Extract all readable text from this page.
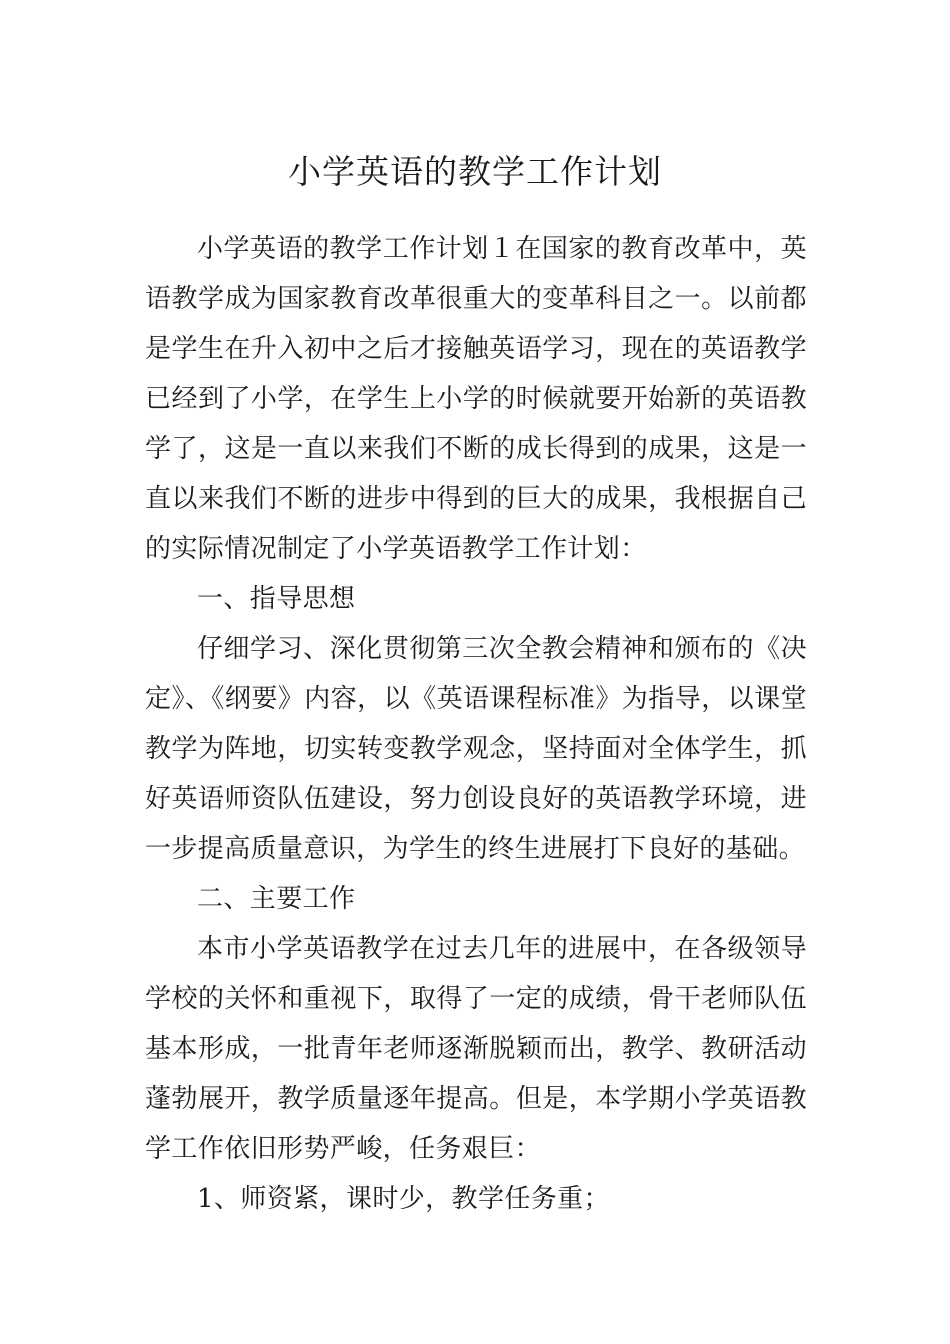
小学英语的教学工作计划

小学英语的教学工作计划１在国家的教育改革中，英语教学成为国家教育改革很重大的变革科目之一。以前都是学生在升入初中之后才接触英语学习，现在的英语教学已经到了小学，在学生上小学的时候就要开始新的英语教学了，这是一直以来我们不断的成长得到的成果，这是一直以来我们不断的进步中得到的巨大的成果，我根据自己的实际情况制定了小学英语教学工作计划：

一、指导思想

仔细学习、深化贯彻第三次全教会精神和颁布的《决定》、《纲要》内容，以《英语课程标准》为指导，以课堂教学为阵地，切实转变教学观念，坚持面对全体学生，抓好英语师资队伍建设，努力创设良好的英语教学环境，进一步提高质量意识，为学生的终生进展打下良好的基础。

二、主要工作

本市小学英语教学在过去几年的进展中，在各级领导学校的关怀和重视下，取得了一定的成绩，骨干老师队伍基本形成，一批青年老师逐渐脱颖而出，教学、教研活动蓬勃展开，教学质量逐年提高。但是，本学期小学英语教学工作依旧形势严峻，任务艰巨：

1、师资紧，课时少，教学任务重；
